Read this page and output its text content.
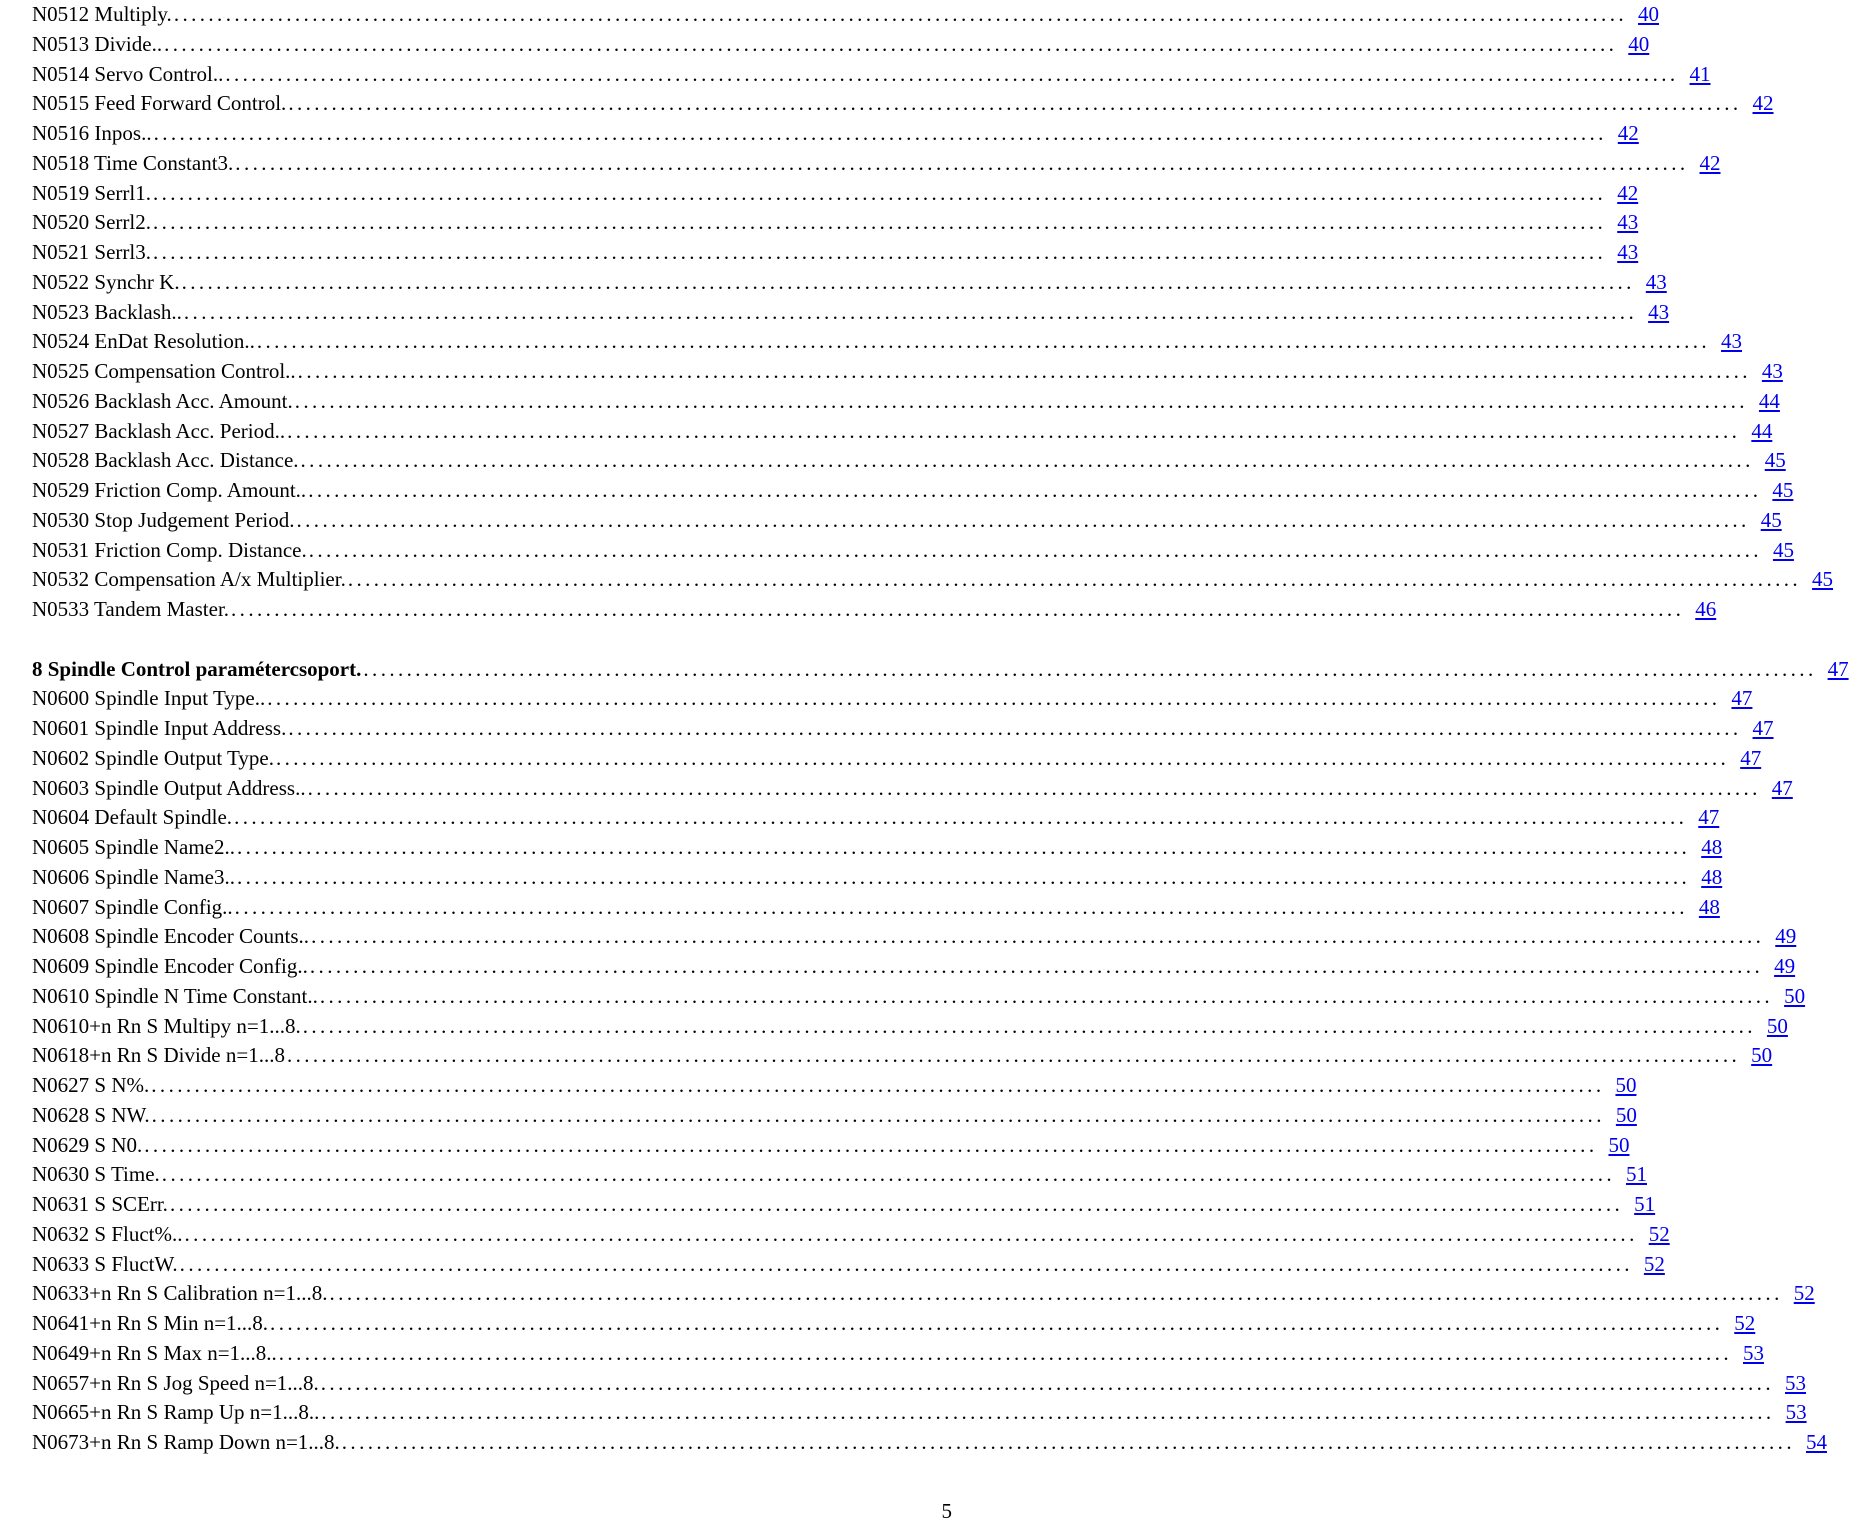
N0512 Multiply. ........................................................................................................................................................................ 40
N0513 Divide.. ........................................................................................................................................................................ 40
N0514 Servo Control.. ........................................................................................................................................................................ 41
N0515 Feed Forward Control. ........................................................................................................................................................................ 42
N0516 Inpos.. ........................................................................................................................................................................ 42
N0518 Time Constant3. ........................................................................................................................................................................ 42
N0519 Serrl1. ........................................................................................................................................................................ 42
N0520 Serrl2. ........................................................................................................................................................................ 43
N0521 Serrl3. ........................................................................................................................................................................ 43
N0522 Synchr K. ........................................................................................................................................................................ 43
N0523 Backlash.. ........................................................................................................................................................................ 43
N0524 EnDat Resolution.. ........................................................................................................................................................................ 43
N0525 Compensation Control.. ........................................................................................................................................................................ 43
N0526 Backlash Acc. Amount. ........................................................................................................................................................................ 44
N0527 Backlash Acc. Period.. ........................................................................................................................................................................ 44
N0528 Backlash Acc. Distance. ........................................................................................................................................................................ 45
N0529 Friction Comp. Amount.. ........................................................................................................................................................................ 45
N0530 Stop Judgement Period. ........................................................................................................................................................................ 45
N0531 Friction Comp. Distance. ........................................................................................................................................................................ 45
N0532 Compensation A/x Multiplier. ........................................................................................................................................................................ 45
N0533 Tandem Master. ........................................................................................................................................................................ 46
8 Spindle Control paramétercsoport. ........................................................................................................................................................................ 47
N0600 Spindle Input Type.. ........................................................................................................................................................................ 47
N0601 Spindle Input Address. ........................................................................................................................................................................ 47
N0602 Spindle Output Type. ........................................................................................................................................................................ 47
N0603 Spindle Output Address.. ........................................................................................................................................................................ 47
N0604 Default Spindle. ........................................................................................................................................................................ 47
N0605 Spindle Name2.. ........................................................................................................................................................................ 48
N0606 Spindle Name3.. ........................................................................................................................................................................ 48
N0607 Spindle Config.. ........................................................................................................................................................................ 48
N0608 Spindle Encoder Counts.. ........................................................................................................................................................................ 49
N0609 Spindle Encoder Config.. ........................................................................................................................................................................ 49
N0610 Spindle N Time Constant.. ........................................................................................................................................................................ 50
N0610+n Rn S Multipy n=1...8. ........................................................................................................................................................................ 50
N0618+n Rn S Divide n=1...8 ........................................................................................................................................................................ 50
N0627 S N%. ........................................................................................................................................................................ 50
N0628 S NW. ........................................................................................................................................................................ 50
N0629 S N0. ........................................................................................................................................................................ 50
N0630 S Time. ........................................................................................................................................................................ 51
N0631 S SCErr. ........................................................................................................................................................................ 51
N0632 S Fluct%.. ........................................................................................................................................................................ 52
N0633 S FluctW. ........................................................................................................................................................................ 52
N0633+n Rn S Calibration n=1...8. ........................................................................................................................................................................ 52
N0641+n Rn S Min n=1...8. ........................................................................................................................................................................ 52
N0649+n Rn S Max n=1...8.. ........................................................................................................................................................................ 53
N0657+n Rn S Jog Speed n=1...8. ........................................................................................................................................................................ 53
N0665+n Rn S Ramp Up n=1...8.. ........................................................................................................................................................................ 53
N0673+n Rn S Ramp Down n=1...8. ........................................................................................................................................................................ 54
5
